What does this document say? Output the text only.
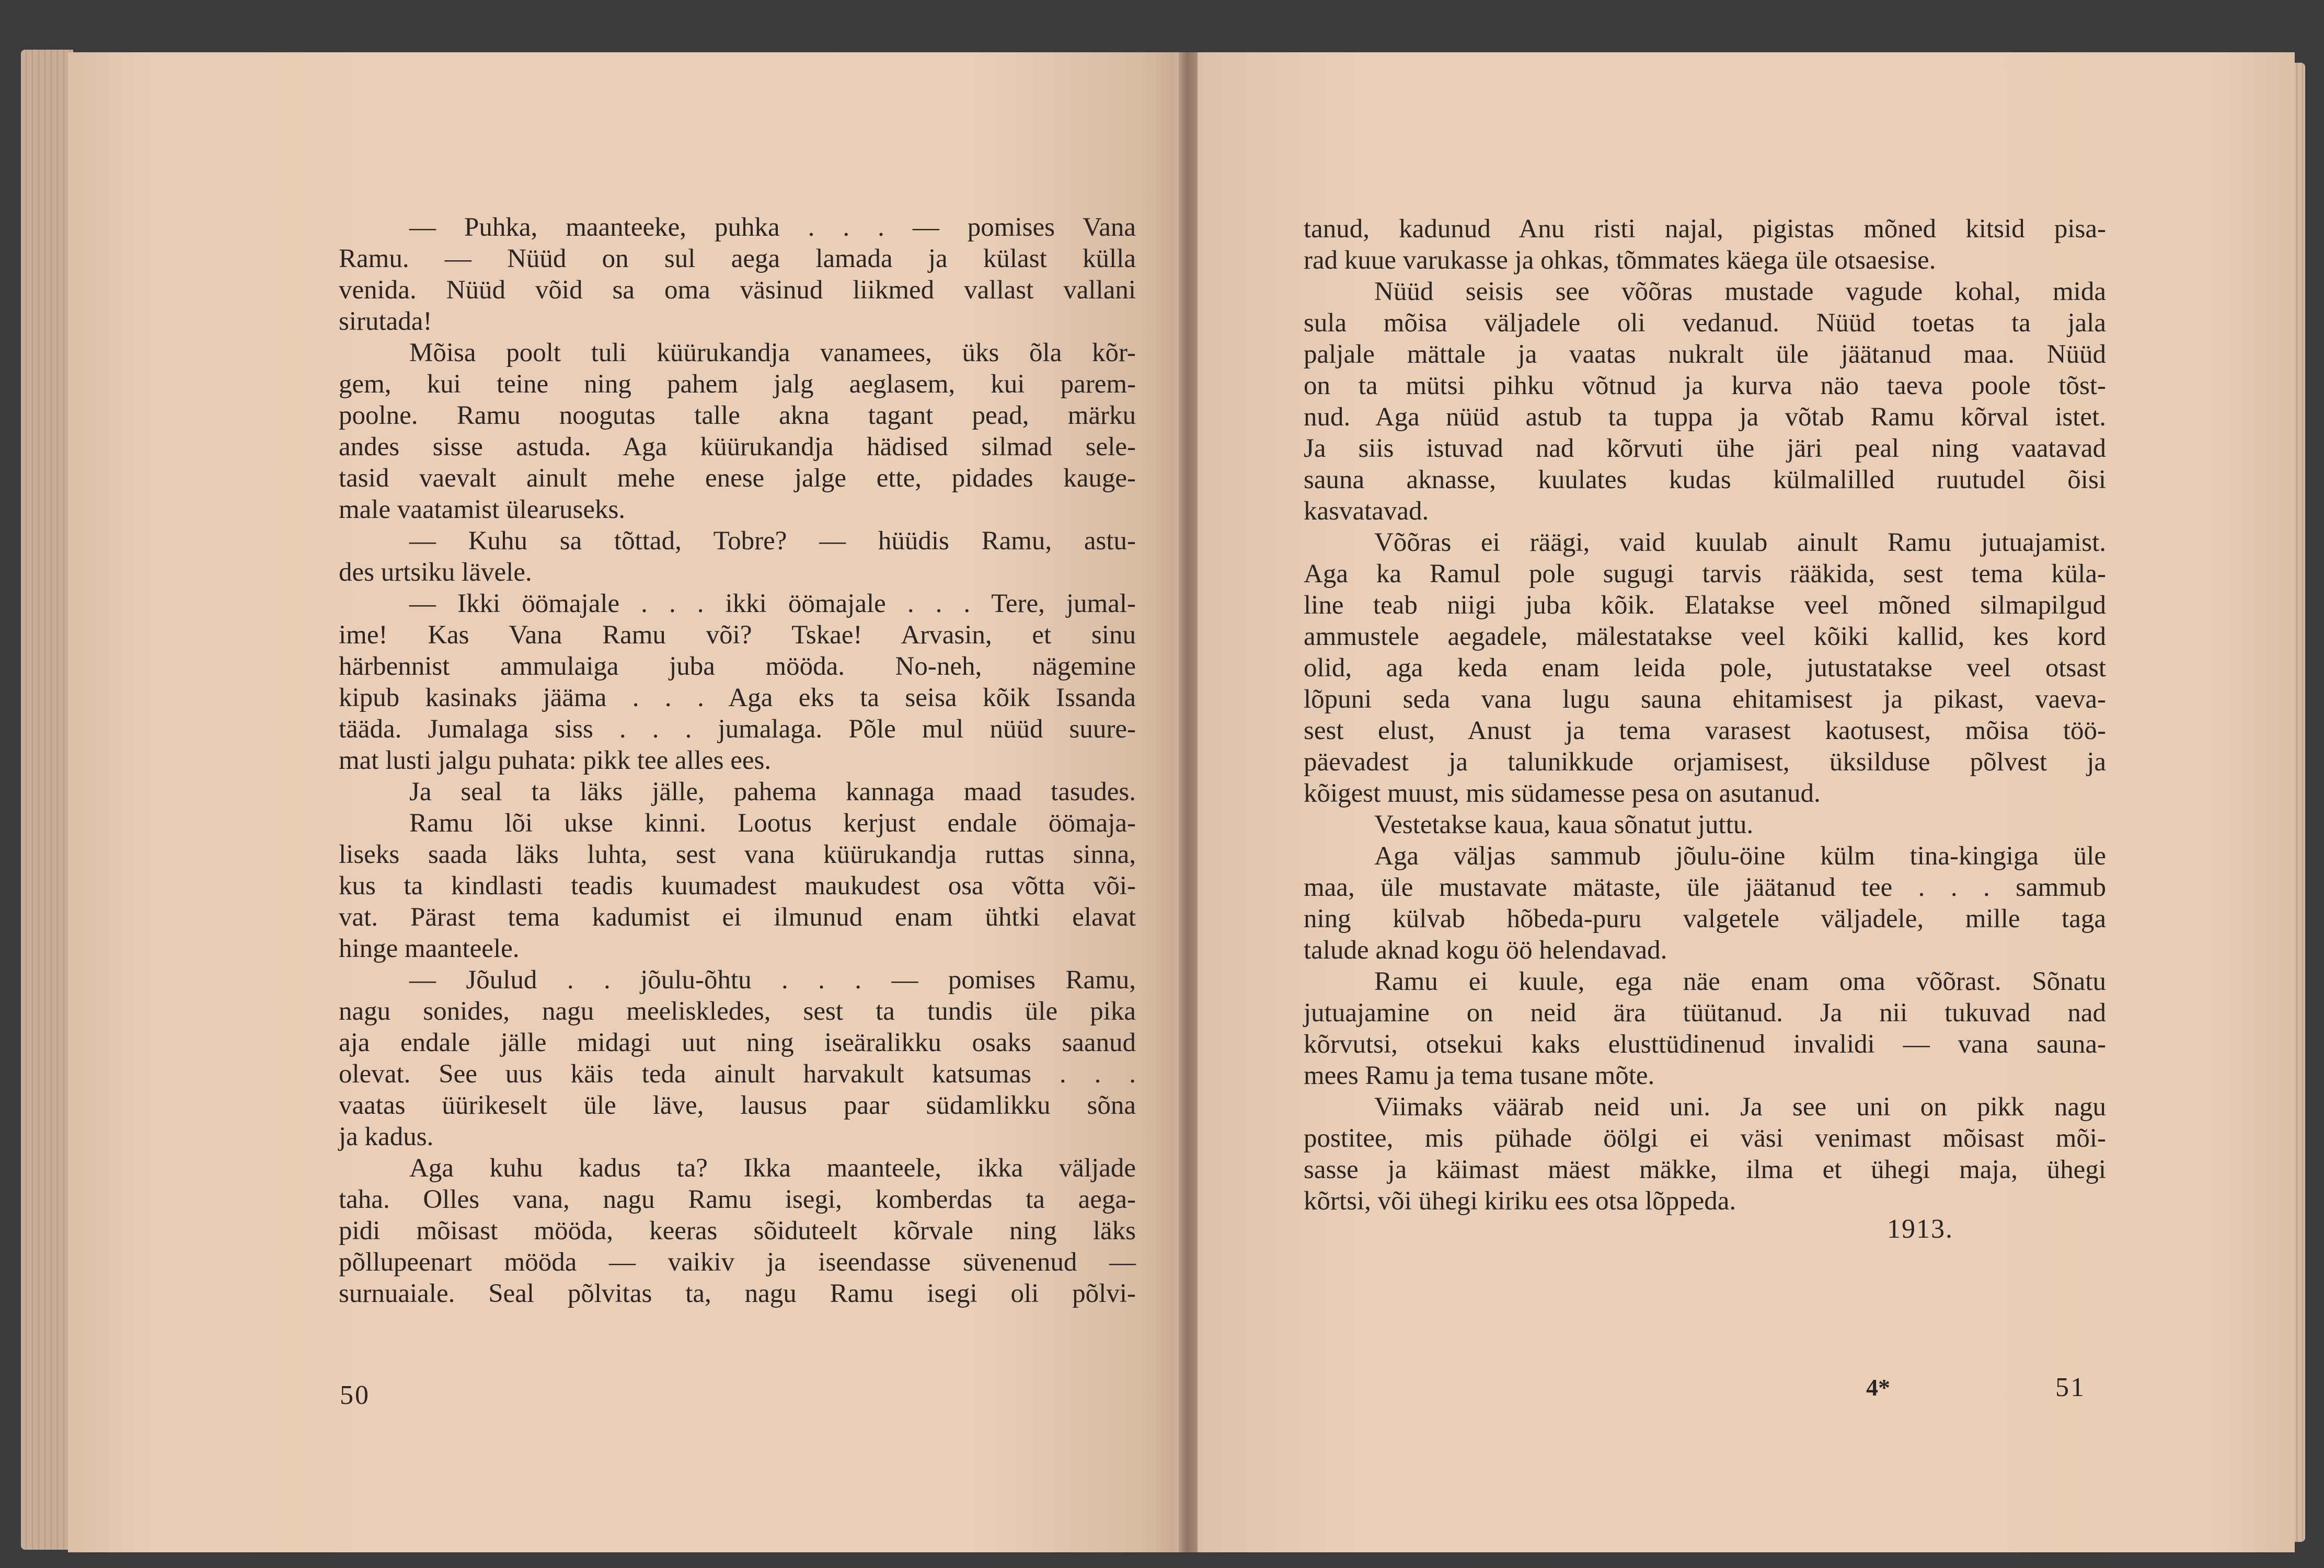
— Puhka, maanteeke, puhka . . . — pomises Vana
Ramu. — Nüüd on sul aega lamada ja külast külla
venida. Nüüd võid sa oma väsinud liikmed vallast vallani
sirutada!
Mõisa poolt tuli küürukandja vanamees, üks õla kõr-
gem, kui teine ning pahem jalg aeglasem, kui parem-
poolne. Ramu noogutas talle akna tagant pead, märku
andes sisse astuda. Aga küürukandja hädised silmad sele-
tasid vaevalt ainult mehe enese jalge ette, pidades kauge-
male vaatamist ülearuseks.
— Kuhu sa tõttad, Tobre? — hüüdis Ramu, astu-
des urtsiku lävele.
— Ikki öömajale . . . ikki öömajale . . . Tere, jumal-
ime! Kas Vana Ramu või? Tskae! Arvasin, et sinu
härbennist ammulaiga juba mööda. No-neh, nägemine
kipub kasinaks jääma . . . Aga eks ta seisa kõik Issanda
tääda. Jumalaga siss . . . jumalaga. Põle mul nüüd suure-
mat lusti jalgu puhata: pikk tee alles ees.
Ja seal ta läks jälle, pahema kannaga maad tasudes.
Ramu lõi ukse kinni. Lootus kerjust endale öömaja-
liseks saada läks luhta, sest vana küürukandja ruttas sinna,
kus ta kindlasti teadis kuumadest maukudest osa võtta või-
vat. Pärast tema kadumist ei ilmunud enam ühtki elavat
hinge maanteele.
— Jõulud . . jõulu-õhtu . . . — pomises Ramu,
nagu sonides, nagu meeliskledes, sest ta tundis üle pika
aja endale jälle midagi uut ning iseäralikku osaks saanud
olevat. See uus käis teda ainult harvakult katsumas . . .
vaatas üürikeselt üle läve, lausus paar südamlikku sõna
ja kadus.
Aga kuhu kadus ta? Ikka maanteele, ikka väljade
taha. Olles vana, nagu Ramu isegi, komberdas ta aega-
pidi mõisast mööda, keeras sõiduteelt kõrvale ning läks
põllupeenart mööda — vaikiv ja iseendasse süvenenud —
surnuaiale. Seal põlvitas ta, nagu Ramu isegi oli põlvi-
50
tanud, kadunud Anu risti najal, pigistas mõned kitsid pisa-
rad kuue varukasse ja ohkas, tõmmates käega üle otsaesise.
Nüüd seisis see võõras mustade vagude kohal, mida
sula mõisa väljadele oli vedanud. Nüüd toetas ta jala
paljale mättale ja vaatas nukralt üle jäätanud maa. Nüüd
on ta mütsi pihku võtnud ja kurva näo taeva poole tõst-
nud. Aga nüüd astub ta tuppa ja võtab Ramu kõrval istet.
Ja siis istuvad nad kõrvuti ühe järi peal ning vaatavad
sauna aknasse, kuulates kudas külmalilled ruutudel õisi
kasvatavad.
Võõras ei räägi, vaid kuulab ainult Ramu jutuajamist.
Aga ka Ramul pole sugugi tarvis rääkida, sest tema küla-
line teab niigi juba kõik. Elatakse veel mõned silmapilgud
ammustele aegadele, mälestatakse veel kõiki kallid, kes kord
olid, aga keda enam leida pole, jutustatakse veel otsast
lõpuni seda vana lugu sauna ehitamisest ja pikast, vaeva-
sest elust, Anust ja tema varasest kaotusest, mõisa töö-
päevadest ja talunikkude orjamisest, üksilduse põlvest ja
kõigest muust, mis südamesse pesa on asutanud.
Vestetakse kaua, kaua sõnatut juttu.
Aga väljas sammub jõulu-öine külm tina-kingiga üle
maa, üle mustavate mätaste, üle jäätanud tee . . . sammub
ning külvab hõbeda-puru valgetele väljadele, mille taga
talude aknad kogu öö helendavad.
Ramu ei kuule, ega näe enam oma võõrast. Sõnatu
jutuajamine on neid ära tüütanud. Ja nii tukuvad nad
kõrvutsi, otsekui kaks elusttüdinenud invalidi — vana sauna-
mees Ramu ja tema tusane mõte.
Viimaks väärab neid uni. Ja see uni on pikk nagu
postitee, mis pühade öölgi ei väsi venimast mõisast mõi-
sasse ja käimast mäest mäkke, ilma et ühegi maja, ühegi
kõrtsi, või ühegi kiriku ees otsa lõppeda.
1913.
4*	51
